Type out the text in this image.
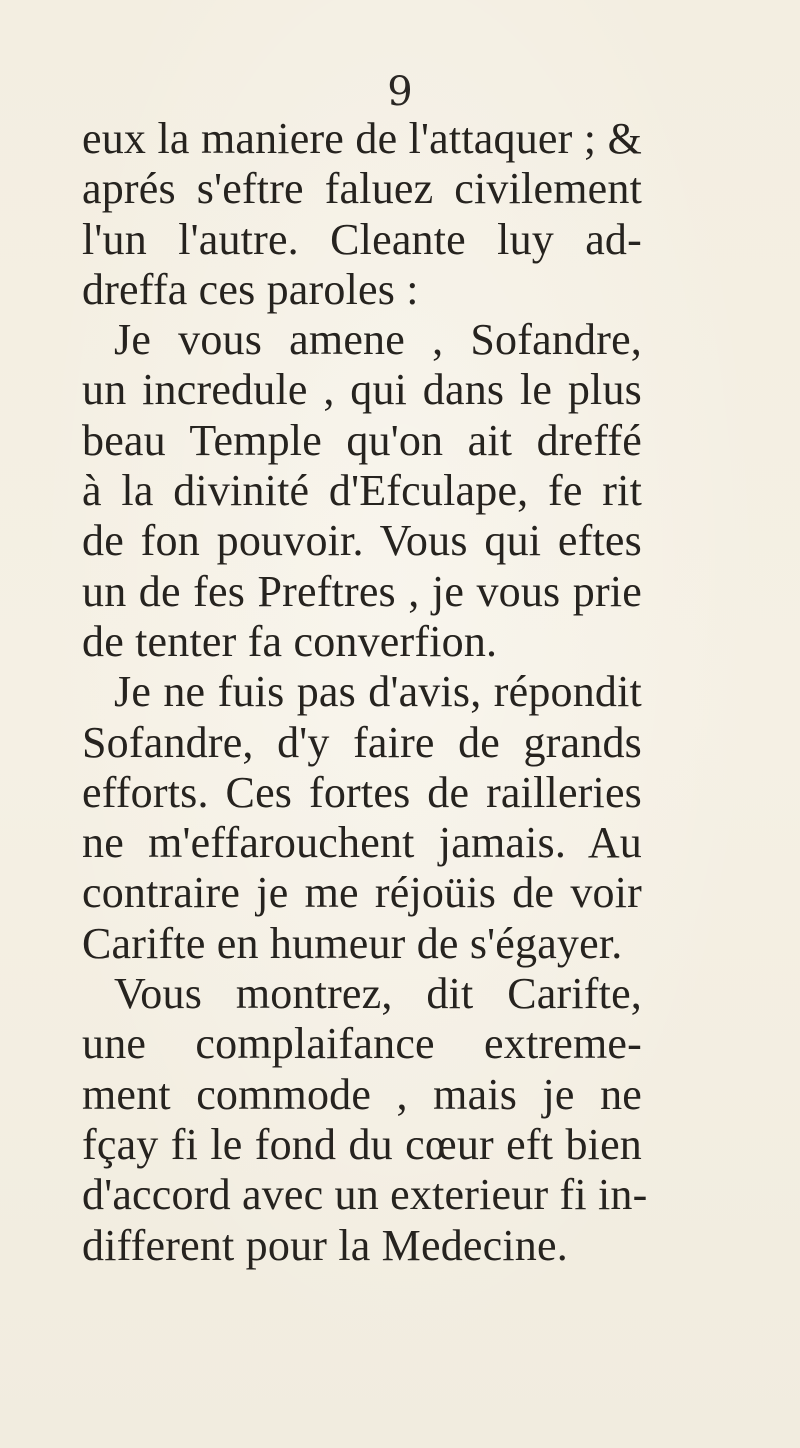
9
eux la maniere de l'attaquer ; &
aprés s'eftre faluez civilement
l'un l'autre. Cleante luy ad-
dreffa ces paroles :
Je vous amene , Sofandre,
un incredule , qui dans le plus
beau Temple qu'on ait dreffé
à la divinité d'Efculape, fe rit
de fon pouvoir. Vous qui eftes
un de fes Preftres , je vous prie
de tenter fa converfion.
Je ne fuis pas d'avis, répondit
Sofandre, d'y faire de grands
efforts. Ces fortes de railleries
ne m'effarouchent jamais. Au
contraire je me réjoüis de voir
Carifte en humeur de s'égayer.
Vous montrez, dit Carifte,
une complaifance extreme-
ment commode , mais je ne
fçay fi le fond du cœur eft bien
d'accord avec un exterieur fi in-
different pour la Medecine.
